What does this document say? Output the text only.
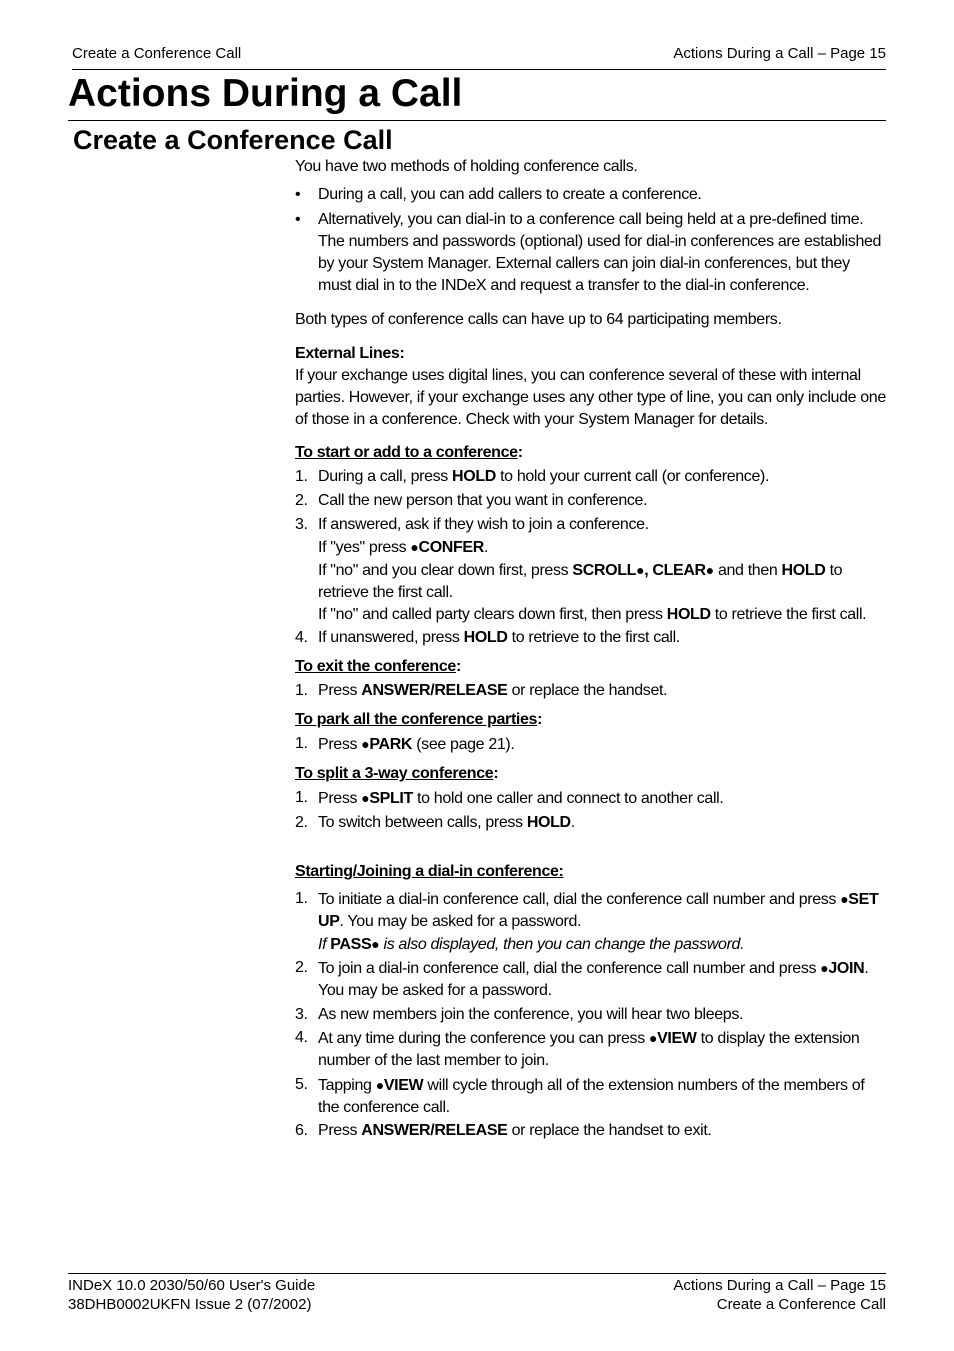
Create a Conference Call	Actions During a Call – Page 15
Actions During a Call
Create a Conference Call

You have two methods of holding conference calls.

• During a call, you can add callers to create a conference.

• Alternatively, you can dial-in to a conference call being held at a pre-defined time. The numbers and passwords (optional) used for dial-in conferences are established by your System Manager. External callers can join dial-in conferences, but they must dial in to the INDeX and request a transfer to the dial-in conference.

Both types of conference calls can have up to 64 participating members.

External Lines:

If your exchange uses digital lines, you can conference several of these with internal parties. However, if your exchange uses any other type of line, you can only include one of those in a conference. Check with your System Manager for details.

To start or add to a conference:

1. During a call, press HOLD to hold your current call (or conference).

2. Call the new person that you want in conference.

3. If answered, ask if they wish to join a conference.
If "yes" press ●CONFER.
If "no" and you clear down first, press SCROLL●, CLEAR● and then HOLD to retrieve the first call.
If "no" and called party clears down first, then press HOLD to retrieve the first call.

4. If unanswered, press HOLD to retrieve to the first call.

To exit the conference:

1. Press ANSWER/RELEASE or replace the handset.

To park all the conference parties:

1. Press ●PARK (see page 21).

To split a 3-way conference:

1. Press ●SPLIT to hold one caller and connect to another call.

2. To switch between calls, press HOLD.

Starting/Joining a dial-in conference:

1. To initiate a dial-in conference call, dial the conference call number and press ●SET UP. You may be asked for a password.
If PASS● is also displayed, then you can change the password.

2. To join a dial-in conference call, dial the conference call number and press ●JOIN. You may be asked for a password.

3. As new members join the conference, you will hear two bleeps.

4. At any time during the conference you can press ●VIEW to display the extension number of the last member to join.

5. Tapping ●VIEW will cycle through all of the extension numbers of the members of the conference call.

6. Press ANSWER/RELEASE or replace the handset to exit.

INDeX 10.0 2030/50/60 User's Guide
38DHB0002UKFN Issue 2 (07/2002)
Actions During a Call – Page 15
Create a Conference Call
